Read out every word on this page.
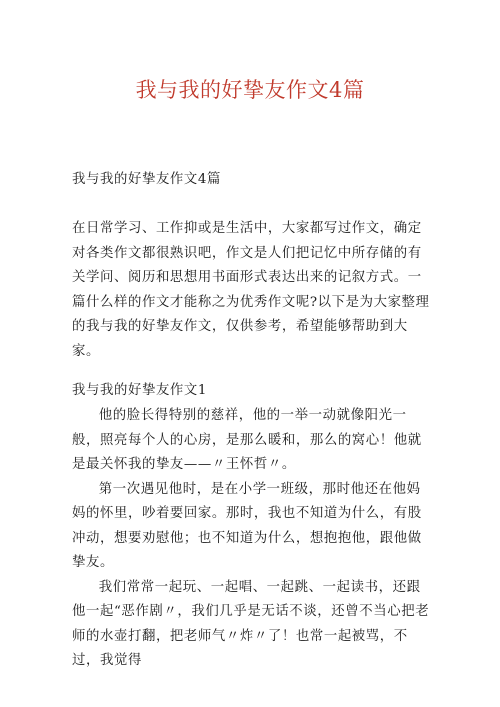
我与我的好挚友作文4篇
我与我的好挚友作文4篇
在日常学习、工作抑或是生活中，大家都写过作文，确定对各类作文都很熟识吧，作文是人们把记忆中所存储的有关学问、阅历和思想用书面形式表达出来的记叙方式。一篇什么样的作文才能称之为优秀作文呢?以下是为大家整理的我与我的好挚友作文，仅供参考，希望能够帮助到大家。
我与我的好挚友作文1

他的脸长得特别的慈祥，他的一举一动就像阳光一般，照亮每个人的心房，是那么暖和，那么的窝心！他就是最关怀我的挚友——〃王怀哲〃。

第一次遇见他时，是在小学一班级，那时他还在他妈妈的怀里，吵着要回家。那时，我也不知道为什么，有股冲动，想要劝慰他；也不知道为什么，想抱抱他，跟他做挚友。

我们常常一起玩、一起唱、一起跳、一起读书，还跟他一起“恶作剧〃，我们几乎是无话不谈，还曾不当心把老师的水壶打翻，把老师气〃炸〃了！也常一起被骂，不过，我觉得
